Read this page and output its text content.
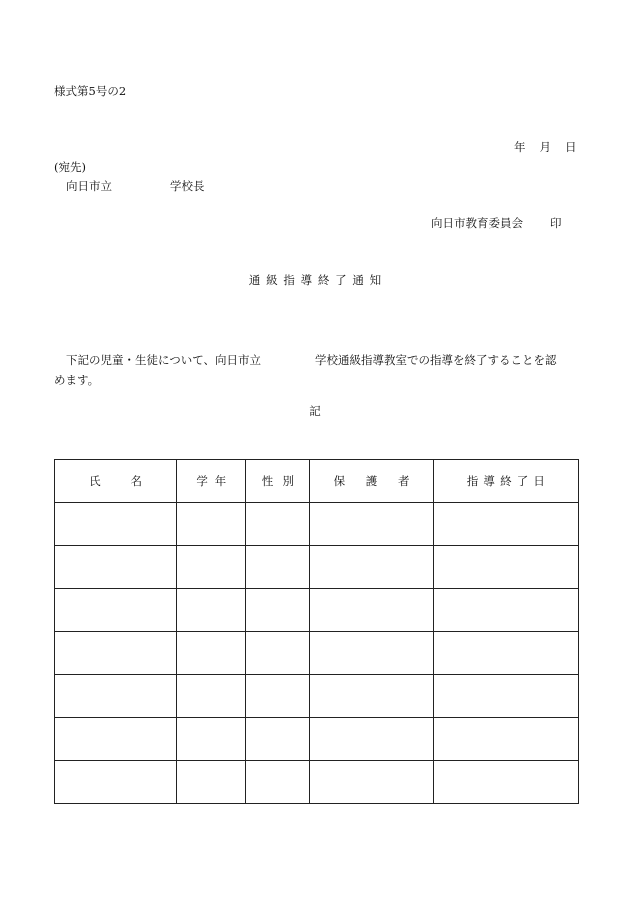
様式第5号の2
年 月 日
(宛先)
向日市立	学校長
向日市教育委員会 印
通級指導終了通知
下記の児童・生徒について、向日市立	学校通級指導教室での指導を終了することを認
めます。
記
氏名	学年	性別	保護者	指導終了日
